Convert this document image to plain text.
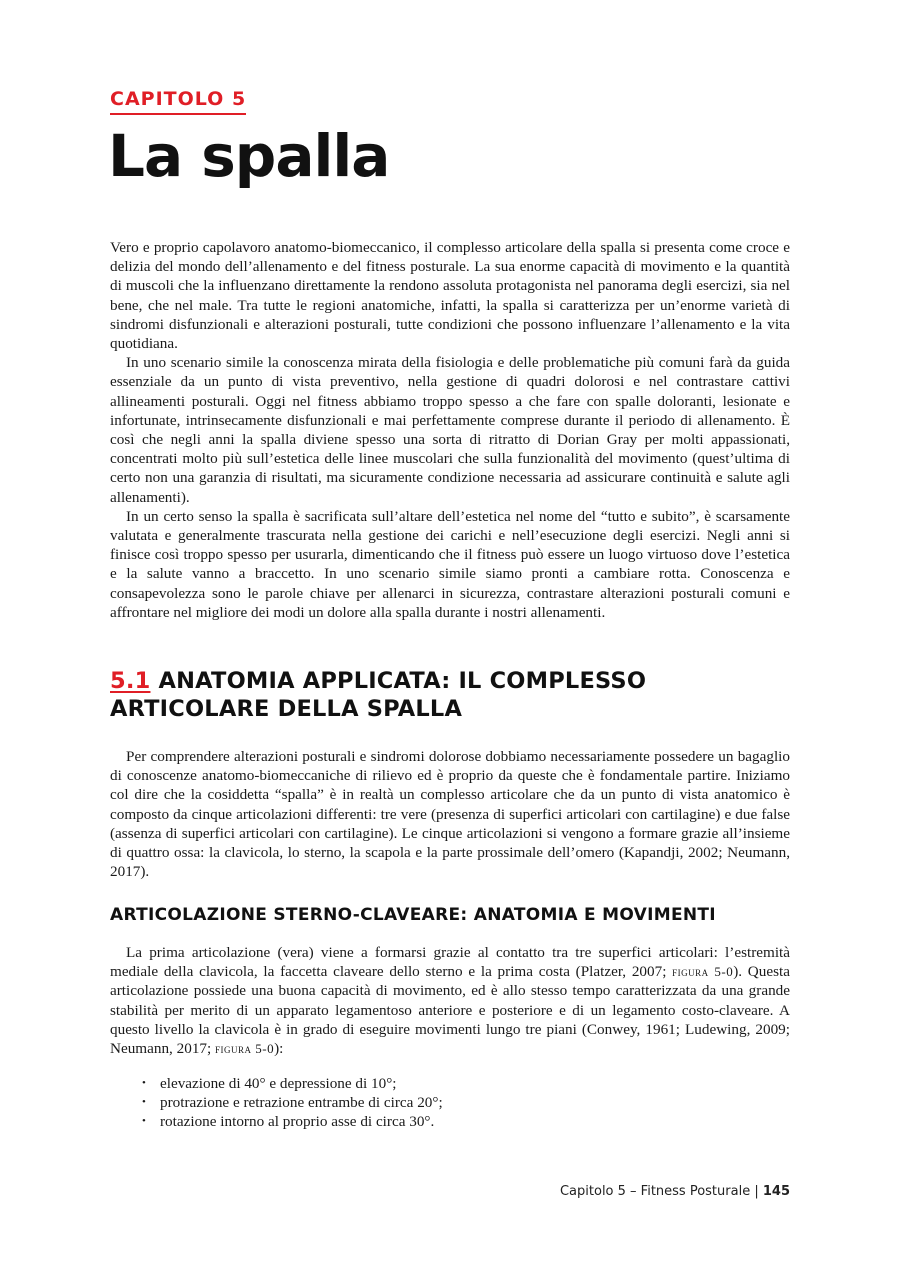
CAPITOLO 5
La spalla

Vero e proprio capolavoro anatomo-biomeccanico, il complesso articolare della spalla si presenta come croce e delizia del mondo dell’allenamento e del fitness posturale. La sua enorme capacità di movimento e la quantità di muscoli che la influenzano direttamente la rendono assoluta protagonista nel panorama degli esercizi, sia nel bene, che nel male. Tra tutte le regioni anatomiche, infatti, la spalla si caratterizza per un’enorme varietà di sindromi disfunzionali e alterazioni posturali, tutte condizioni che possono influenzare l’allenamento e la vita quotidiana.

In uno scenario simile la conoscenza mirata della fisiologia e delle problematiche più comuni farà da guida essenziale da un punto di vista preventivo, nella gestione di quadri dolorosi e nel contrastare cattivi allineamenti posturali. Oggi nel fitness abbiamo troppo spesso a che fare con spalle doloranti, lesionate e infortunate, intrinsecamente disfunzionali e mai perfettamente comprese durante il periodo di allenamento. È così che negli anni la spalla diviene spesso una sorta di ritratto di Dorian Gray per molti appassionati, concentrati molto più sull’estetica delle linee muscolari che sulla funzionalità del movimento (quest’ultima di certo non una garanzia di risultati, ma sicuramente condizione necessaria ad assicurare continuità e salute agli allenamenti).

In un certo senso la spalla è sacrificata sull’altare dell’estetica nel nome del “tutto e subito”, è scarsamente valutata e generalmente trascurata nella gestione dei carichi e nell’esecuzione degli esercizi. Negli anni si finisce così troppo spesso per usurarla, dimenticando che il fitness può essere un luogo virtuoso dove l’estetica e la salute vanno a braccetto. In uno scenario simile siamo pronti a cambiare rotta. Conoscenza e consapevolezza sono le parole chiave per allenarci in sicurezza, contrastare alterazioni posturali comuni e affrontare nel migliore dei modi un dolore alla spalla durante i nostri allenamenti.

5.1 ANATOMIA APPLICATA: IL COMPLESSO ARTICOLARE DELLA SPALLA

Per comprendere alterazioni posturali e sindromi dolorose dobbiamo necessariamente possedere un bagaglio di conoscenze anatomo-biomeccaniche di rilievo ed è proprio da queste che è fondamentale partire. Iniziamo col dire che la cosiddetta “spalla” è in realtà un complesso articolare che da un punto di vista anatomico è composto da cinque articolazioni differenti: tre vere (presenza di superfici articolari con cartilagine) e due false (assenza di superfici articolari con cartilagine). Le cinque articolazioni si vengono a formare grazie all’insieme di quattro ossa: la clavicola, lo sterno, la scapola e la parte prossimale dell’omero (Kapandji, 2002; Neumann, 2017).

ARTICOLAZIONE STERNO-CLAVEARE: ANATOMIA E MOVIMENTI

La prima articolazione (vera) viene a formarsi grazie al contatto tra tre superfici articolari: l’estremità mediale della clavicola, la faccetta claveare dello sterno e la prima costa (Platzer, 2007; figura 5-0). Questa articolazione possiede una buona capacità di movimento, ed è allo stesso tempo caratterizzata da una grande stabilità per merito di un apparato legamentoso anteriore e posteriore e di un legamento costo-claveare. A questo livello la clavicola è in grado di eseguire movimenti lungo tre piani (Conwey, 1961; Ludewing, 2009; Neumann, 2017; figura 5-0):

• elevazione di 40° e depressione di 10°;
• protrazione e retrazione entrambe di circa 20°;
• rotazione intorno al proprio asse di circa 30°.
Capitolo 5 – Fitness Posturale | 145
